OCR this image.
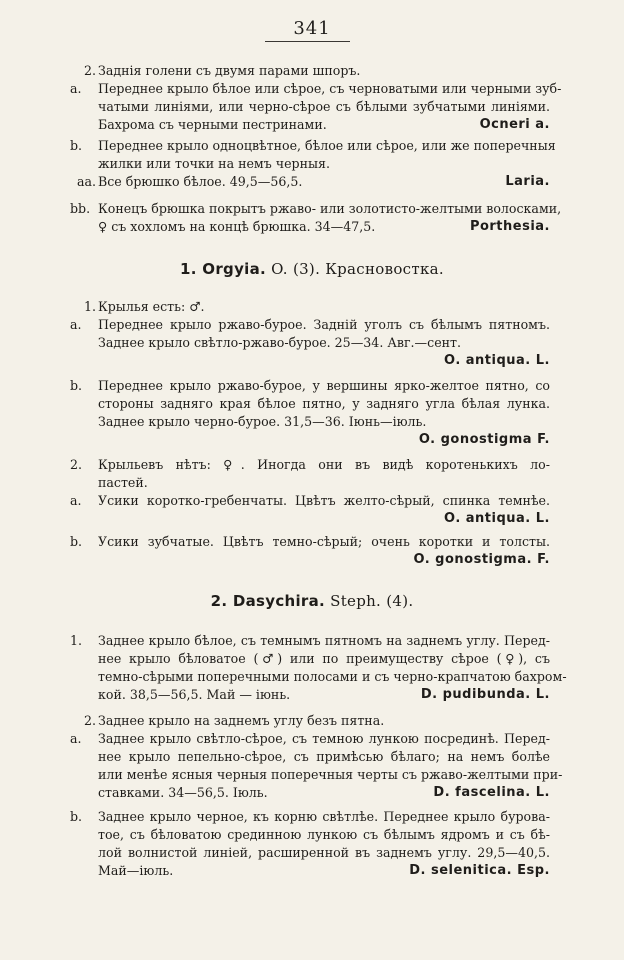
341
2. Заднія голени съ двумя парами шпоръ.
a.	Переднее крыло бѣлое или сѣрое, съ черноватыми или черными зуб-
чатыми линіями, или черно-сѣрое съ бѣлыми зубчатыми линіями.
Бахрома съ черными пестринами.	Ocneri a.
b.	Переднее крыло одноцвѣтное, бѣлое или сѣрое, или же поперечныя
жилки или точки на немъ черныя.
aa. Все брюшко бѣлое. 49,5—56,5.	Laria.
bb. Конецъ брюшка покрытъ ржаво- или золотисто-желтыми волосками,
♀ съ хохломъ на концѣ брюшка. 34—47,5.	Porthesia.
1. Крылья есть: ♂.
a.	Переднее крыло ржаво-бурое. Задній уголъ съ бѣлымъ пятномъ.
Заднее крыло свѣтло-ржаво-бурое. 25—34. Авг.—сент.
O. antiqua. L.
b.	Переднее крыло ржаво-бурое, у вершины ярко-желтое пятно, со
стороны задняго края бѣлое пятно, у задняго угла бѣлая лунка.
Заднее крыло черно-бурое. 31,5—36. Іюнь—іюль.
O. gonostigma F.
2.	Крыльевъ нѣтъ: ♀. Иногда они въ видѣ коротенькихъ ло-
пастей.
a.	Усики коротко-гребенчаты. Цвѣтъ желто-сѣрый, спинка темнѣе.
O. antiqua. L.
b.	Усики зубчатые. Цвѣтъ темно-сѣрый; очень коротки и толсты.
O. gonostigma. F.
1.	Заднее крыло бѣлое, съ темнымъ пятномъ на заднемъ углу. Перед-
нее крыло бѣловатое (♂) или по преимуществу сѣрое (♀), съ
темно-сѣрыми поперечными полосами и съ черно-крапчатою бахром-
кой. 38,5—56,5. Май — іюнь.	D. pudibunda. L.
2. Заднее крыло на заднемъ углу безъ пятна.
a.	Заднее крыло свѣтло-сѣрое, съ темною лункою посрединѣ. Перед-
нее крыло пепельно-сѣрое, съ примѣсью бѣлаго; на немъ болѣе
или менѣе ясныя черныя поперечныя черты съ ржаво-желтыми при-
ставками. 34—56,5. Іюль.	D. fascelina. L.
b.	Заднее крыло черное, къ корню свѣтлѣе. Переднее крыло бурова-
тое, съ бѣловатою срединною лункою съ бѣлымъ ядромъ и съ бѣ-
лой волнистой линіей, расширенной въ заднемъ углу. 29,5—40,5.
Май—іюль.	D. selenitica. Esp.
1. Orgyia. O. (3). Красновостка.
2. Dasychira. Steph. (4).
